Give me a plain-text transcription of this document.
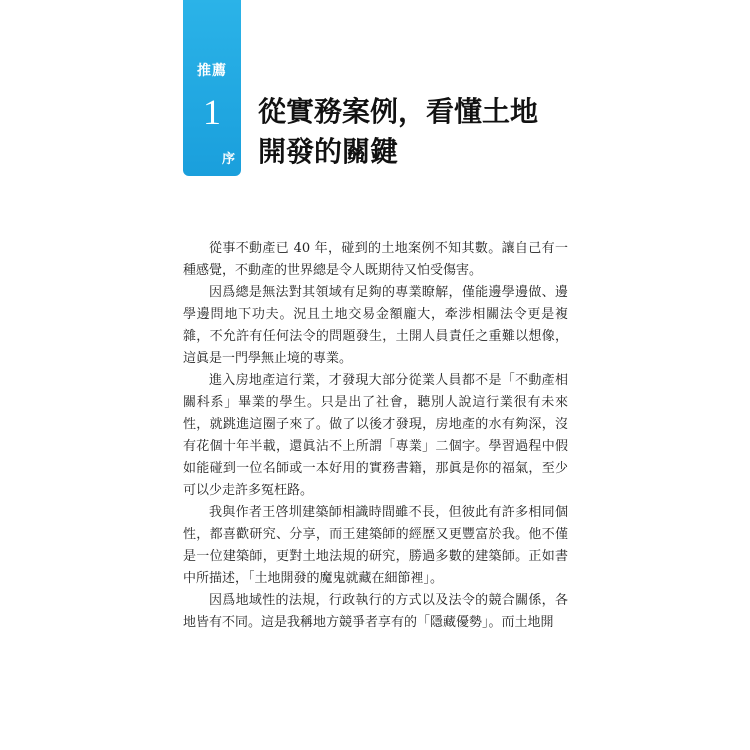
推薦
1
序
從實務案例，看懂土地
開發的關鍵

從事不動產已 40 年，碰到的土地案例不知其數。讓自己有一種感覺，不動產的世界總是令人既期待又怕受傷害。

因爲總是無法對其領域有足夠的專業瞭解，僅能邊學邊做、邊學邊問地下功夫。況且土地交易金額龐大，牽涉相關法令更是複雜，不允許有任何法令的問題發生，土開人員責任之重難以想像，這眞是一門學無止境的專業。

進入房地產這行業，才發現大部分從業人員都不是「不動產相關科系」畢業的學生。只是出了社會，聽別人說這行業很有未來性，就跳進這圈子來了。做了以後才發現，房地產的水有夠深，沒有花個十年半載，還眞沾不上所謂「專業」二個字。學習過程中假如能碰到一位名師或一本好用的實務書籍，那眞是你的福氣，至少可以少走許多冤枉路。

我與作者王啓圳建築師相識時間雖不長，但彼此有許多相同個性，都喜歡研究、分享，而王建築師的經歷又更豐富於我。他不僅是一位建築師，更對土地法規的研究，勝過多數的建築師。正如書中所描述，「土地開發的魔鬼就藏在細節裡」。

因爲地域性的法規，行政執行的方式以及法令的競合關係，各地皆有不同。這是我稱地方競爭者享有的「隱藏優勢」。而土地開
